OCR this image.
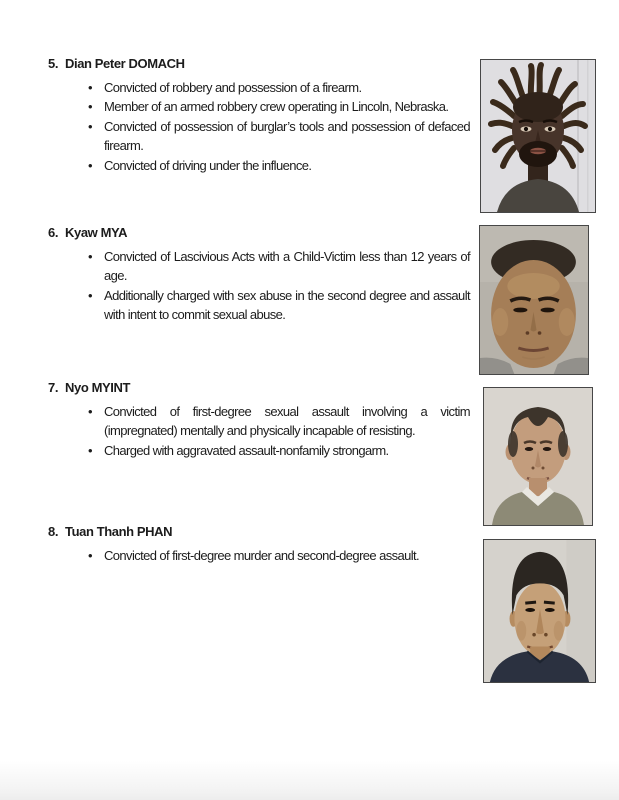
5. Dian Peter DOMACH
• Convicted of robbery and possession of a firearm.
• Member of an armed robbery crew operating in Lincoln, Nebraska.
• Convicted of possession of burglar’s tools and possession of defaced firearm.
• Convicted of driving under the influence.
6. Kyaw MYA
• Convicted of Lascivious Acts with a Child-Victim less than 12 years of age.
• Additionally charged with sex abuse in the second degree and assault with intent to commit sexual abuse.
7. Nyo MYINT
• Convicted of first-degree sexual assault involving a victim (impregnated) mentally and physically incapable of resisting.
• Charged with aggravated assault-nonfamily strongarm.
8. Tuan Thanh PHAN
• Convicted of first-degree murder and second-degree assault.
